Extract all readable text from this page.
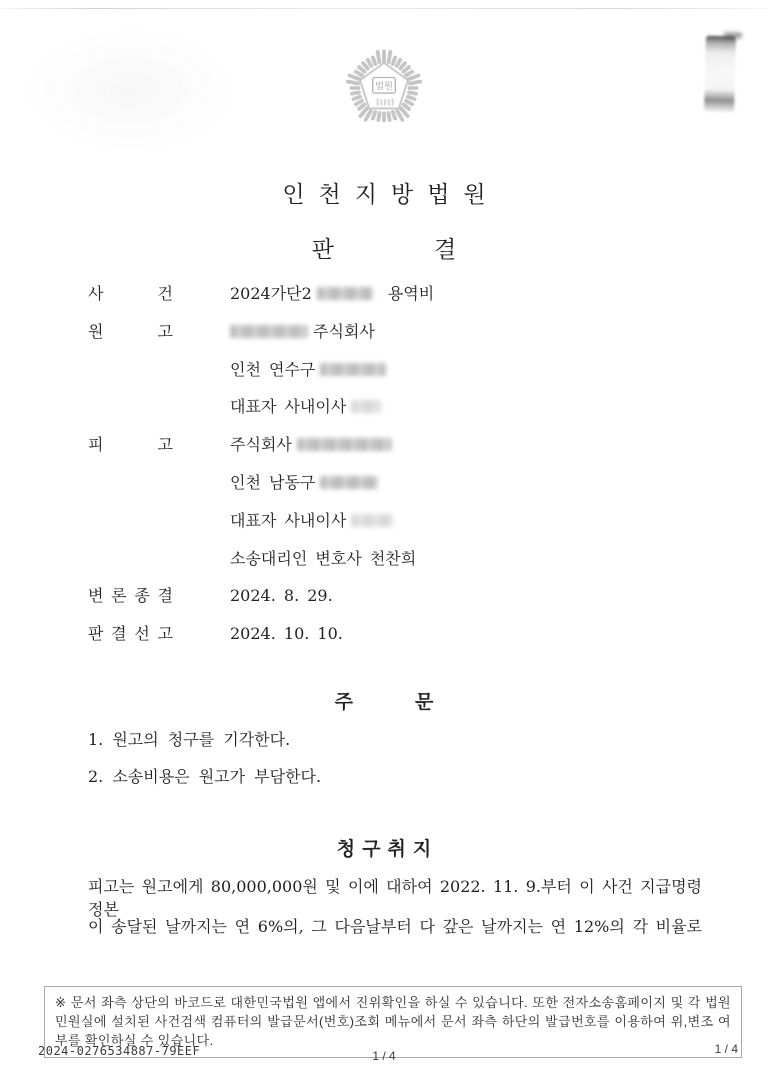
법원
인천지방법원
판	결
사 건	2024가단2	용역비
원 고	주식회사
인천 연수구
대표자 사내이사
피 고	주식회사
인천 남동구
대표자 사내이사
소송대리인 변호사 천찬희
변 론 종 결	2024. 8. 29.
판 결 선 고	2024. 10. 10.
주	문
1. 원고의 청구를 기각한다.
2. 소송비용은 원고가 부담한다.
청구취지
피고는 원고에게 80,000,000원 및 이에 대하여 2022. 11. 9.부터 이 사건 지급명령정본
이 송달된 날까지는 연 6%의, 그 다음날부터 다 갚은 날까지는 연 12%의 각 비율로
※ 문서 좌측 상단의 바코드로 대한민국법원 앱에서 진위확인을 하실 수 있습니다. 또한 전자소송홈페이지 및 각 법원 민원실에 설치된 사건검색 컴퓨터의 발급문서(번호)조회 메뉴에서 문서 좌측 하단의 발급번호를 이용하여 위,변조 여부를 확인하실 수 있습니다.
2024-0276534887-79EEF	1 / 4	1 / 4
